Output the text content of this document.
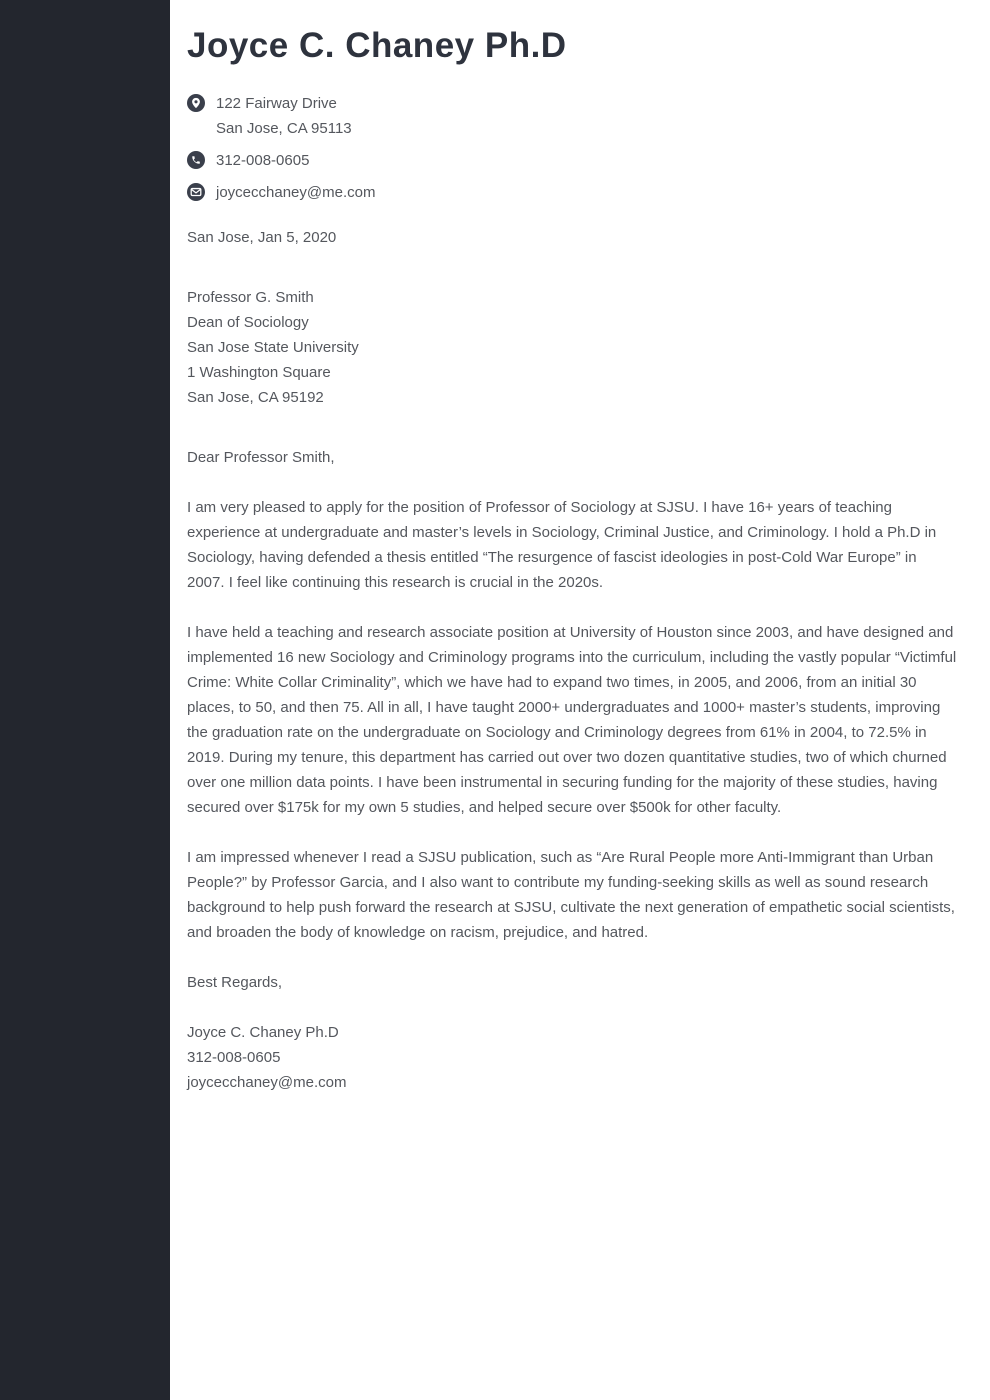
Joyce C. Chaney Ph.D
122 Fairway Drive
San Jose, CA 95113
312-008-0605
joycecchaney@me.com
San Jose, Jan 5, 2020
Professor G. Smith
Dean of Sociology
San Jose State University
1 Washington Square
San Jose, CA 95192
Dear Professor Smith,

I am very pleased to apply for the position of Professor of Sociology at SJSU. I have 16+ years of teaching experience at undergraduate and master’s levels in Sociology, Criminal Justice, and Criminology. I hold a Ph.D in Sociology, having defended a thesis entitled “The resurgence of fascist ideologies in post-Cold War Europe” in 2007. I feel like continuing this research is crucial in the 2020s.

I have held a teaching and research associate position at University of Houston since 2003, and have designed and implemented 16 new Sociology and Criminology programs into the curriculum, including the vastly popular “Victimful Crime: White Collar Criminality”, which we have had to expand two times, in 2005, and 2006, from an initial 30 places, to 50, and then 75. All in all, I have taught 2000+ undergraduates and 1000+ master’s students, improving the graduation rate on the undergraduate on Sociology and Criminology degrees from 61% in 2004, to 72.5% in 2019. During my tenure, this department has carried out over two dozen quantitative studies, two of which churned over one million data points. I have been instrumental in securing funding for the majority of these studies, having secured over $175k for my own 5 studies, and helped secure over $500k for other faculty.

I am impressed whenever I read a SJSU publication, such as “Are Rural People more Anti-Immigrant than Urban People?” by Professor Garcia, and I also want to contribute my funding-seeking skills as well as sound research background to help push forward the research at SJSU, cultivate the next generation of empathetic social scientists, and broaden the body of knowledge on racism, prejudice, and hatred.

Best Regards,
Joyce C. Chaney Ph.D
312-008-0605
joycecchaney@me.com
